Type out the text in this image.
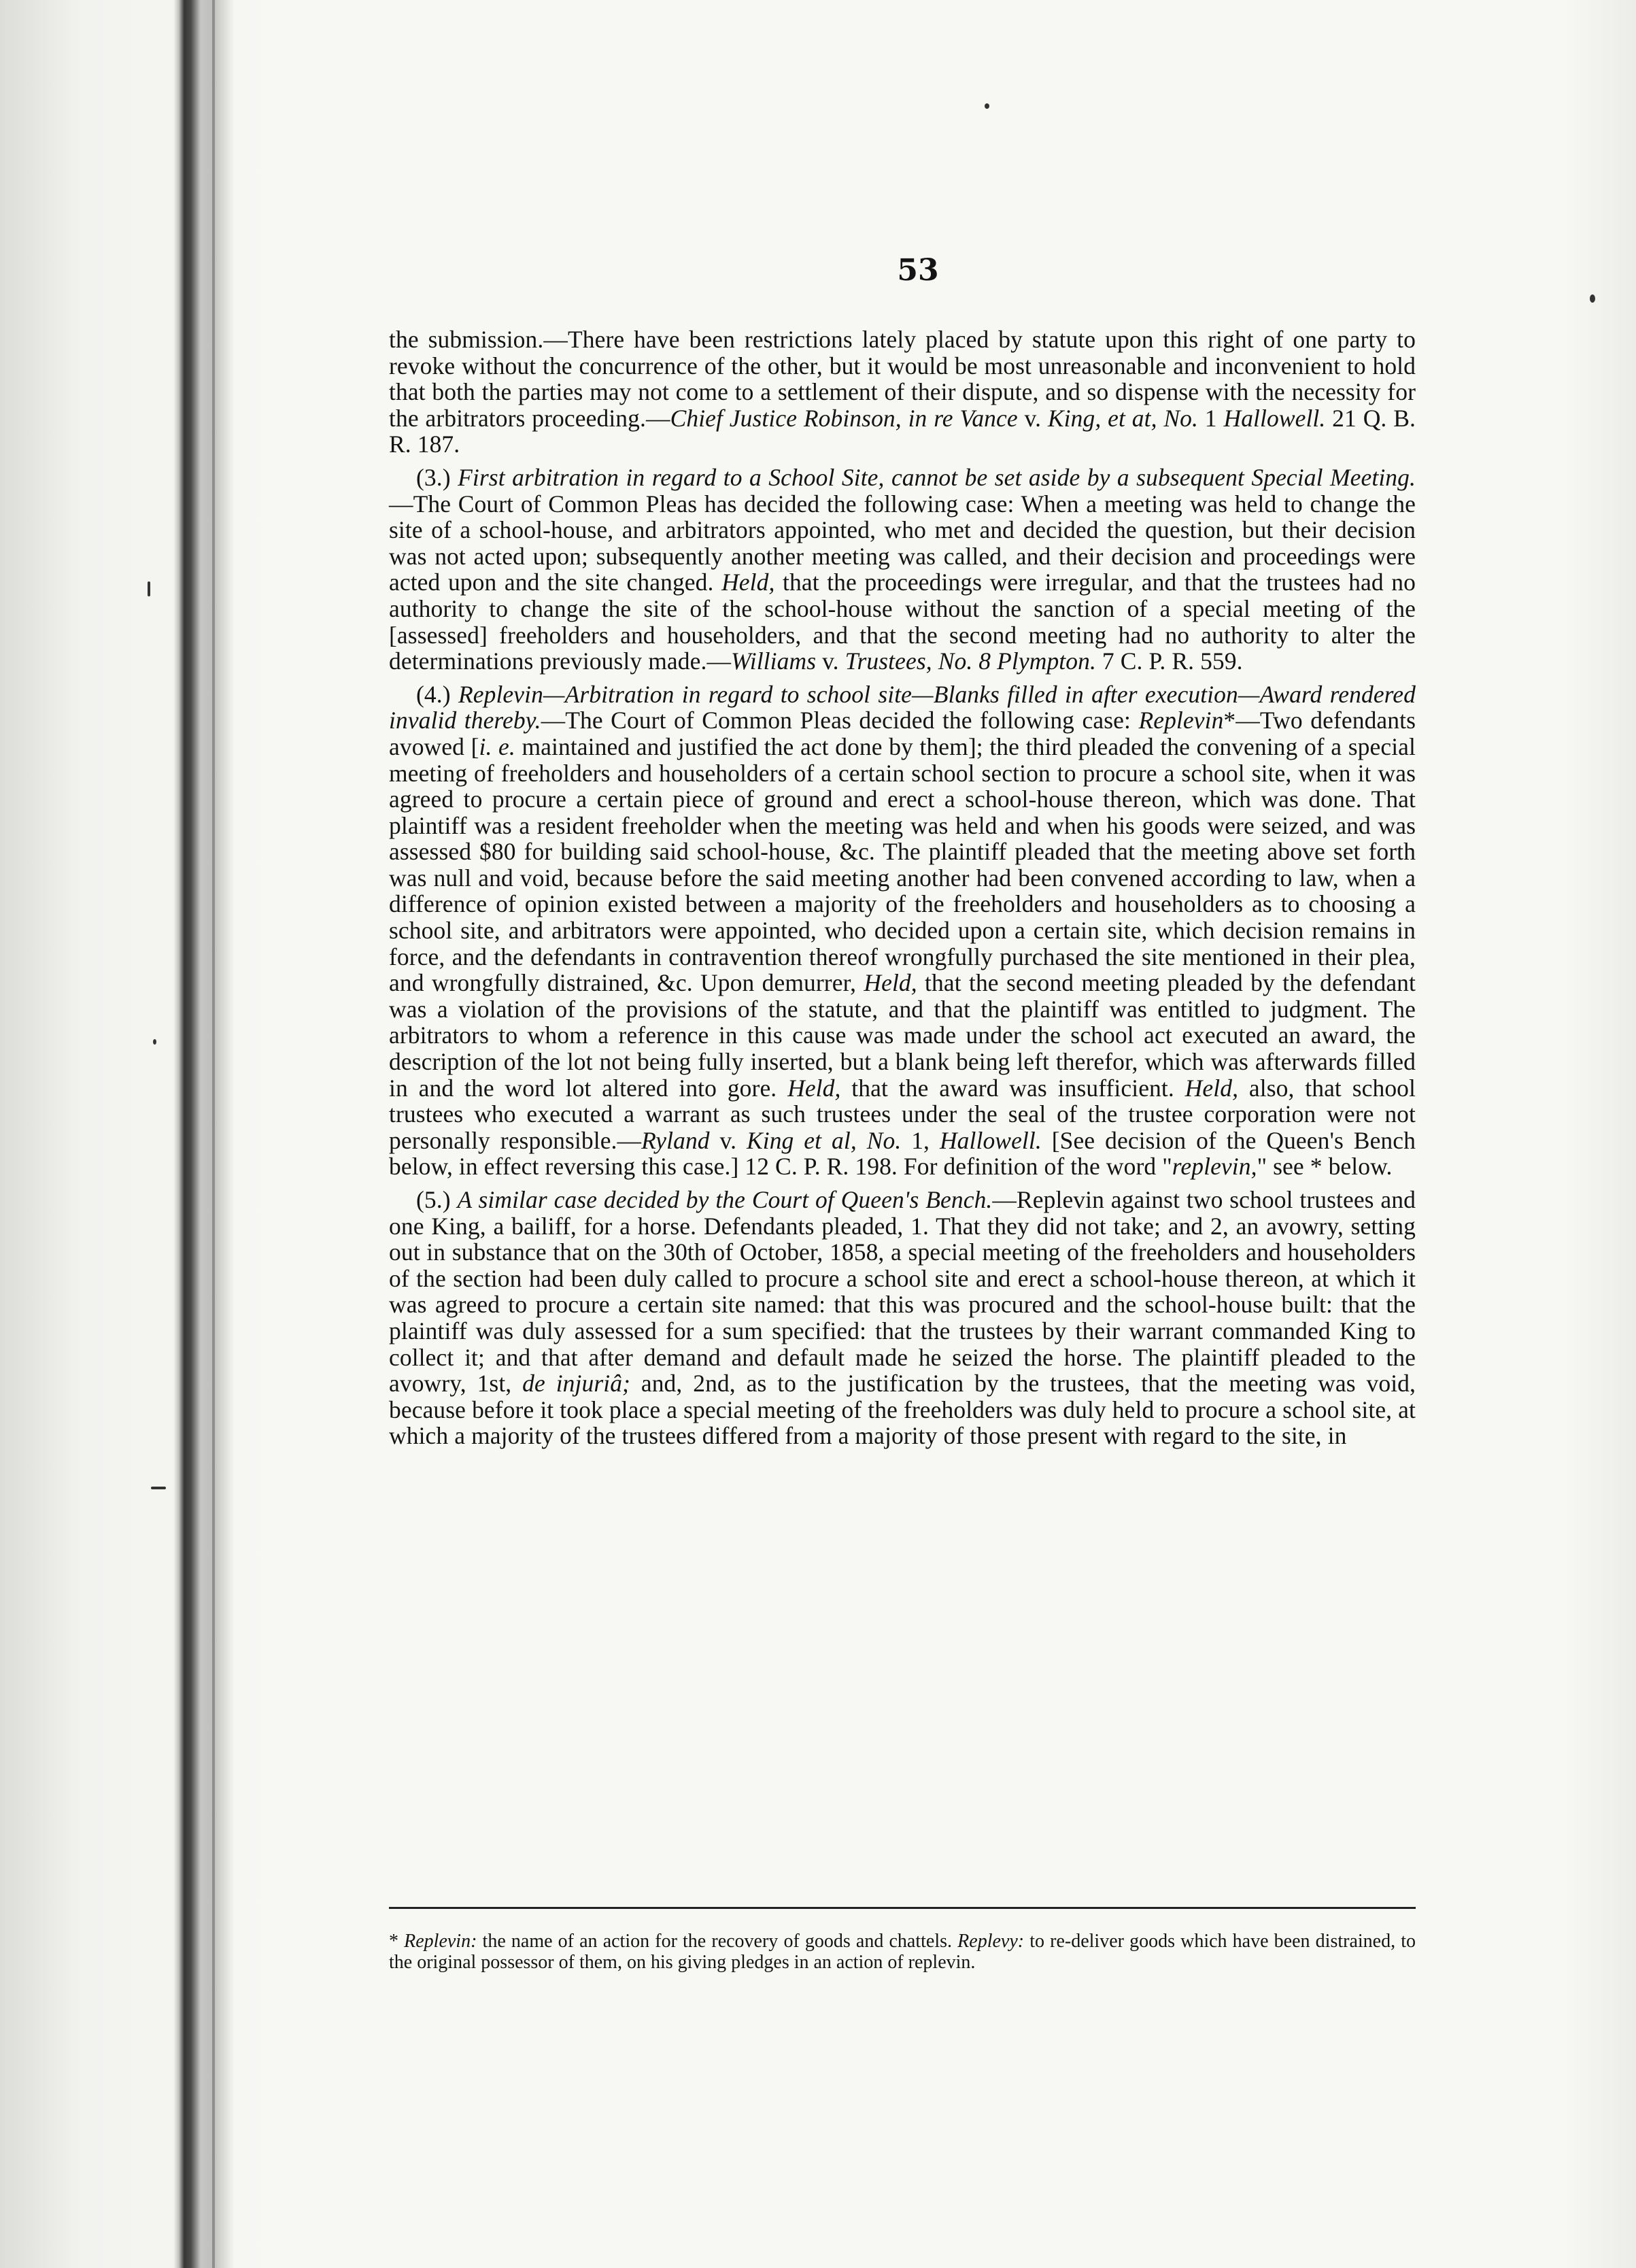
53

the submission.—There have been restrictions lately placed by statute upon this right of one party to revoke without the concurrence of the other, but it would be most unreasonable and inconvenient to hold that both the parties may not come to a settlement of their dispute, and so dispense with the necessity for the arbitrators proceeding.—Chief Justice Robinson, in re Vance v. King, et at, No. 1 Hallowell. 21 Q. B. R. 187.

(3.) First arbitration in regard to a School Site, cannot be set aside by a subsequent Special Meeting.—The Court of Common Pleas has decided the following case: When a meeting was held to change the site of a school-house, and arbitrators appointed, who met and decided the question, but their decision was not acted upon; subsequently another meeting was called, and their decision and proceedings were acted upon and the site changed. Held, that the proceedings were irregular, and that the trustees had no authority to change the site of the school-house without the sanction of a special meeting of the [assessed] freeholders and householders, and that the second meeting had no authority to alter the determinations previously made.—Williams v. Trustees, No. 8 Plympton. 7 C. P. R. 559.

(4.) Replevin—Arbitration in regard to school site—Blanks filled in after execution—Award rendered invalid thereby.—The Court of Common Pleas decided the following case: Replevin*—Two defendants avowed [i. e. maintained and justified the act done by them]; the third pleaded the convening of a special meeting of freeholders and householders of a certain school section to procure a school site, when it was agreed to procure a certain piece of ground and erect a school-house thereon, which was done. That plaintiff was a resident freeholder when the meeting was held and when his goods were seized, and was assessed $80 for building said school-house, &c. The plaintiff pleaded that the meeting above set forth was null and void, because before the said meeting another had been convened according to law, when a difference of opinion existed between a majority of the freeholders and householders as to choosing a school site, and arbitrators were appointed, who decided upon a certain site, which decision remains in force, and the defendants in contravention thereof wrongfully purchased the site mentioned in their plea, and wrongfully distrained, &c. Upon demurrer, Held, that the second meeting pleaded by the defendant was a violation of the provisions of the statute, and that the plaintiff was entitled to judgment. The arbitrators to whom a reference in this cause was made under the school act executed an award, the description of the lot not being fully inserted, but a blank being left therefor, which was afterwards filled in and the word lot altered into gore. Held, that the award was insufficient. Held, also, that school trustees who executed a warrant as such trustees under the seal of the trustee corporation were not personally responsible.—Ryland v. King et al, No. 1, Hallowell. [See decision of the Queen's Bench below, in effect reversing this case.] 12 C. P. R. 198. For definition of the word "replevin," see * below.

(5.) A similar case decided by the Court of Queen's Bench.—Replevin against two school trustees and one King, a bailiff, for a horse. Defendants pleaded, 1. That they did not take; and 2, an avowry, setting out in substance that on the 30th of October, 1858, a special meeting of the freeholders and householders of the section had been duly called to procure a school site and erect a school-house thereon, at which it was agreed to procure a certain site named: that this was procured and the school-house built: that the plaintiff was duly assessed for a sum specified: that the trustees by their warrant commanded King to collect it; and that after demand and default made he seized the horse. The plaintiff pleaded to the avowry, 1st, de injuriâ; and, 2nd, as to the justification by the trustees, that the meeting was void, because before it took place a special meeting of the freeholders was duly held to procure a school site, at which a majority of the trustees differed from a majority of those present with regard to the site, in

* Replevin: the name of an action for the recovery of goods and chattels. Replevy: to re-deliver goods which have been distrained, to the original possessor of them, on his giving pledges in an action of replevin.
